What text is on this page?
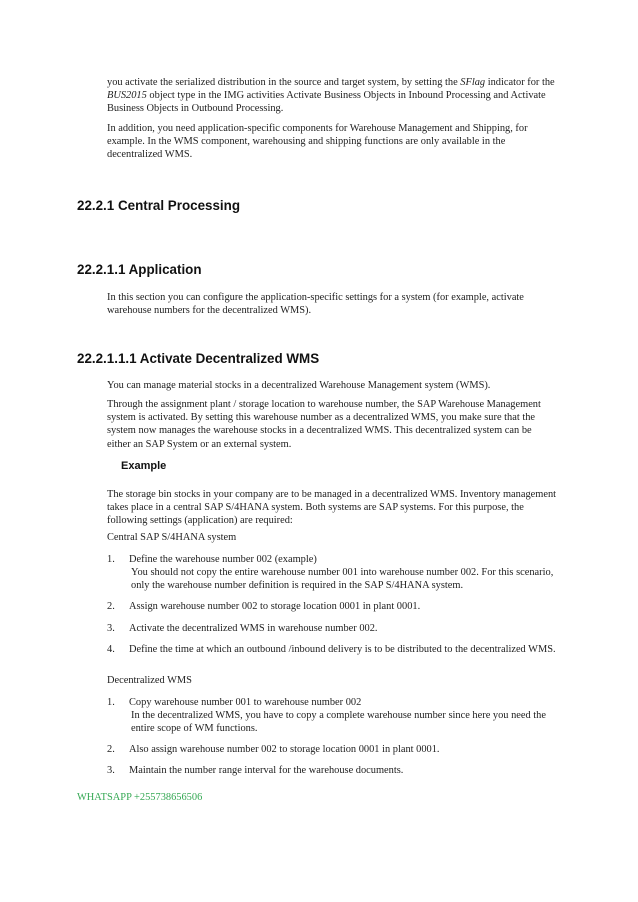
you activate the serialized distribution in the source and target system, by setting the SFlag indicator for the BUS2015 object type in the IMG activities Activate Business Objects in Inbound Processing and Activate Business Objects in Outbound Processing.

In addition, you need application-specific components for Warehouse Management and Shipping, for example. In the WMS component, warehousing and shipping functions are only available in the decentralized WMS.

22.2.1 Central Processing
22.2.1.1 Application

In this section you can configure the application-specific settings for a system (for example, activate warehouse numbers for the decentralized WMS).

22.2.1.1.1 Activate Decentralized WMS

You can manage material stocks in a decentralized Warehouse Management system (WMS).

Through the assignment plant / storage location to warehouse number, the SAP Warehouse Management system is activated. By setting this warehouse number as a decentralized WMS, you make sure that the system now manages the warehouse stocks in a decentralized WMS. This decentralized system can be either an SAP System or an external system.

Example

The storage bin stocks in your company are to be managed in a decentralized WMS. Inventory management takes place in a central SAP S/4HANA system. Both systems are SAP systems. For this purpose, the following settings (application) are required:

Central SAP S/4HANA system

1. Define the warehouse number 002 (example)
You should not copy the entire warehouse number 001 into warehouse number 002. For this scenario, only the warehouse number definition is required in the SAP S/4HANA system.
2. Assign warehouse number 002 to storage location 0001 in plant 0001.
3. Activate the decentralized WMS in warehouse number 002.
4. Define the time at which an outbound /inbound delivery is to be distributed to the decentralized WMS.

Decentralized WMS

1. Copy warehouse number 001 to warehouse number 002
In the decentralized WMS, you have to copy a complete warehouse number since here you need the entire scope of WM functions.
2. Also assign warehouse number 002 to storage location 0001 in plant 0001.
3. Maintain the number range interval for the warehouse documents.

WHATSAPP +255738656506
